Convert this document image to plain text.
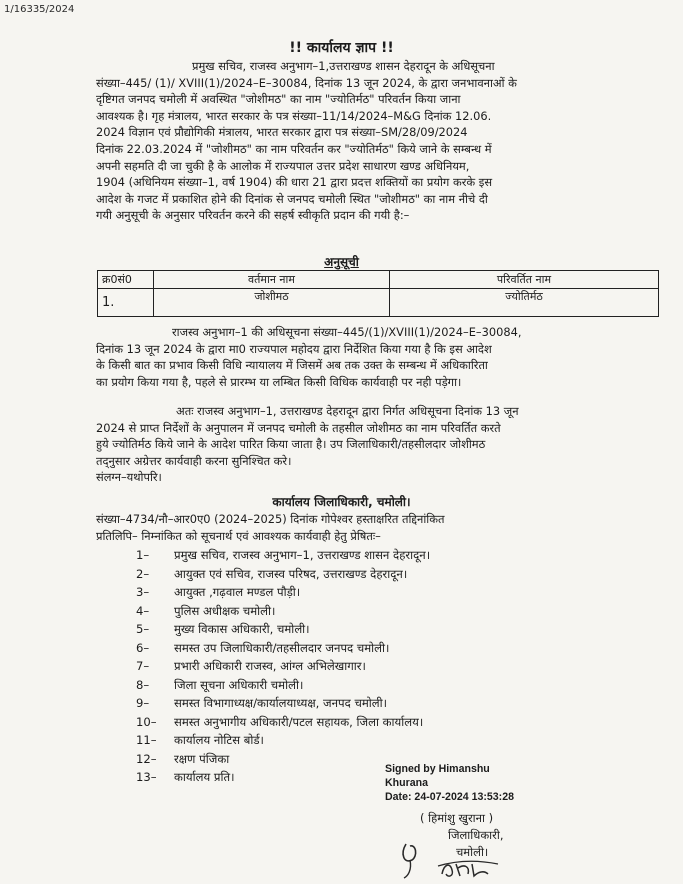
1/16335/2024
!! कार्यालय ज्ञाप !!
प्रमुख सचिव, राजस्व अनुभाग–1,उत्तराखण्ड शासन देहरादून के अधिसूचना
संख्या–445/ (1)/ XVIII(1)/2024–E–30084, दिनांक 13 जून 2024, के द्वारा जनभावनाओं के
दृष्टिगत जनपद चमोली में अवस्थित "जोशीमठ" का नाम "ज्योतिर्मठ" परिवर्तन किया जाना
आवश्यक है। गृह मंत्रालय, भारत सरकार के पत्र संख्या–11/14/2024–M&G दिनांक 12.06.
2024 विज्ञान एवं प्रौद्योगिकी मंत्रालय, भारत सरकार द्वारा पत्र संख्या–SM/28/09/2024
दिनांक 22.03.2024 में "जोशीमठ" का नाम परिवर्तन कर "ज्योतिर्मठ" किये जाने के सम्बन्ध में
अपनी सहमति दी जा चुकी है के आलोक में राज्यपाल उत्तर प्रदेश साधारण खण्ड अधिनियम,
1904 (अधिनियम संख्या–1, वर्ष 1904) की धारा 21 द्वारा प्रदत्त शक्तियों का प्रयोग करके इस
आदेश के गजट में प्रकाशित होने की दिनांक से जनपद चमोली स्थित "जोशीमठ" का नाम नीचे दी
गयी अनुसूची के अनुसार परिवर्तन करने की सहर्ष स्वीकृति प्रदान की गयी है:–
अनुसूची
क्र0सं0	वर्तमान नाम	परिवर्तित नाम
1.	जोशीमठ	ज्योतिर्मठ
राजस्व अनुभाग–1 की अधिसूचना संख्या–445/(1)/XVIII(1)/2024–E–30084,
दिनांक 13 जून 2024 के द्वारा मा0 राज्यपाल महोदय द्वारा निर्देशित किया गया है कि इस आदेश
के किसी बात का प्रभाव किसी विधि न्यायालय में जिसमें अब तक उक्त के सम्बन्ध में अधिकारिता
का प्रयोग किया गया है, पहले से प्रारम्भ या लम्बित किसी विधिक कार्यवाही पर नही पड़ेगा।
अतः राजस्व अनुभाग–1, उत्तराखण्ड देहरादून द्वारा निर्गत अधिसूचना दिनांक 13 जून
2024 से प्राप्त निर्देशों के अनुपालन में जनपद चमोली के तहसील जोशीमठ का नाम परिवर्तित करते
हुये ज्योतिर्मठ किये जाने के आदेश पारित किया जाता है। उप जिलाधिकारी/तहसीलदार जोशीमठ
तद्नुसार अग्रेत्तर कार्यवाही करना सुनिश्चित करे।
संलग्न–यथोपरि।
कार्यालय जिलाधिकारी, चमोली।
संख्या–4734/नौ–आर0ए0 (2024–2025) दिनांक गोपेश्वर हस्ताक्षरित तद्दिनांकित
प्रतिलिपि– निम्नांकित को सूचनार्थ एवं आवश्यक कार्यवाही हेतु प्रेषितः–
1– प्रमुख सचिव, राजस्व अनुभाग–1, उत्तराखण्ड शासन देहरादून।
2– आयुक्त एवं सचिव, राजस्व परिषद, उत्तराखण्ड देहरादून।
3– आयुक्त ,गढ़वाल मण्डल पौड़ी।
4– पुलिस अधीक्षक चमोली।
5– मुख्य विकास अधिकारी, चमोली।
6– समस्त उप जिलाधिकारी/तहसीलदार जनपद चमोली।
7– प्रभारी अधिकारी राजस्व, आंग्ल अभिलेखागार।
8– जिला सूचना अधिकारी चमोली।
9– समस्त विभागाध्यक्ष/कार्यालयाध्यक्ष, जनपद चमोली।
10– समस्त अनुभागीय अधिकारी/पटल सहायक, जिला कार्यालय।
11– कार्यालय नोटिस बोर्ड।
12– रक्षण पंजिका
13– कार्यालय प्रति।
Signed by Himanshu
Khurana
Date: 24-07-2024 13:53:28
( हिमांशु खुराना )
जिलाधिकारी,
चमोली।
